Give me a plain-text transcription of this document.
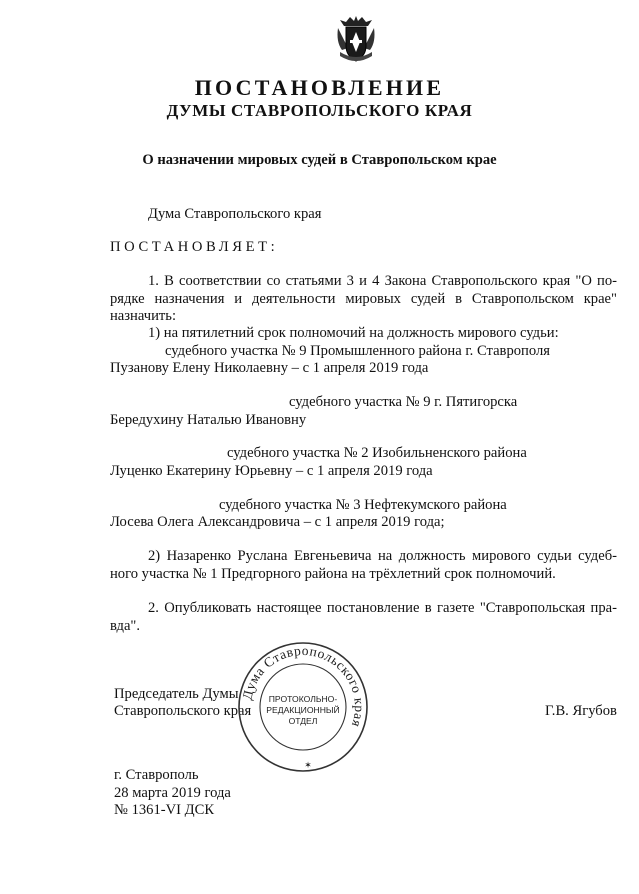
ПОСТАНОВЛЕНИЕ
ДУМЫ СТАВРОПОЛЬСКОГО КРАЯ
О назначении мировых судей в Ставропольском крае
Дума Ставропольского края
ПОСТАНОВЛЯЕТ:
1. В соответствии со статьями 3 и 4 Закона Ставропольского края "О по-
рядке назначения и деятельности мировых судей в Ставропольском крае"
назначить:
1) на пятилетний срок полномочий на должность мирового судьи:
судебного участка № 9 Промышленного района г. Ставрополя
Пузанову Елену Николаевну – с 1 апреля 2019 года
судебного участка № 9 г. Пятигорска
Бередухину Наталью Ивановну
судебного участка № 2 Изобильненского района
Луценко Екатерину Юрьевну – с 1 апреля 2019 года
судебного участка № 3 Нефтекумского района
Лосева Олега Александровича – с 1 апреля 2019 года;
2) Назаренко Руслана Евгеньевича на должность мирового судьи судеб-
ного участка № 1 Предгорного района на трёхлетний срок полномочий.
2. Опубликовать настоящее постановление в газете "Ставропольская пра-
вда".
Председатель Думы
Ставропольского края	Г.В. Ягубов
Дума Ставропольского края
ПРОТОКОЛЬНО-
РЕДАКЦИОННЫЙ
ОТДЕЛ
✶
г. Ставрополь
28 марта 2019 года
№ 1361-VI ДСК
